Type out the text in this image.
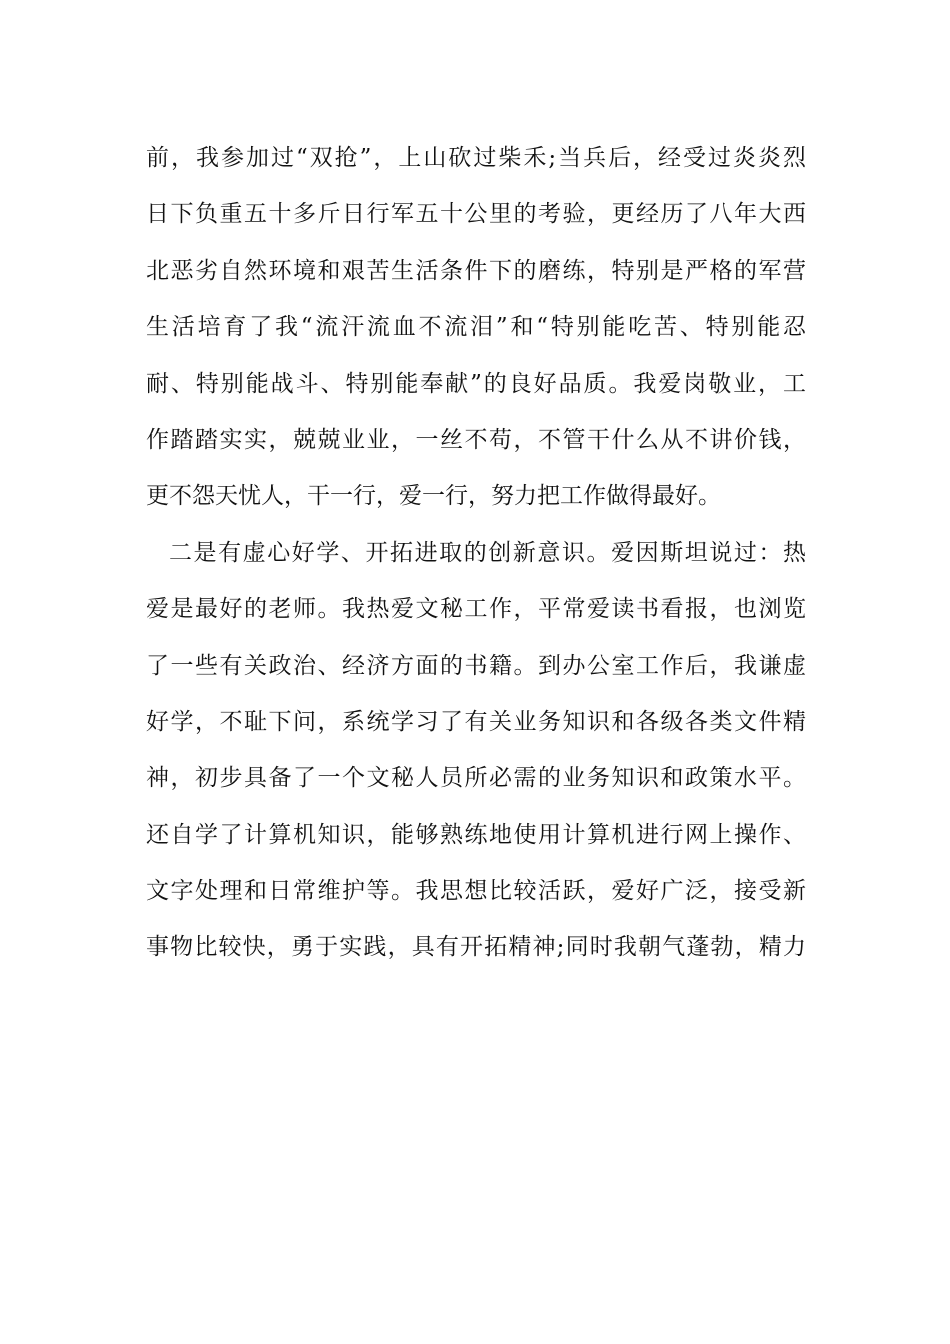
前，我参加过“双抢”，上山砍过柴禾;当兵后，经受过炎炎烈
日下负重五十多斤日行军五十公里的考验，更经历了八年大西
北恶劣自然环境和艰苦生活条件下的磨练，特别是严格的军营
生活培育了我“流汗流血不流泪”和“特别能吃苦、特别能忍
耐、特别能战斗、特别能奉献”的良好品质。我爱岗敬业，工
作踏踏实实，兢兢业业，一丝不苟，不管干什么从不讲价钱，
更不怨天忧人，干一行，爱一行，努力把工作做得最好。
二是有虚心好学、开拓进取的创新意识。爱因斯坦说过：热
爱是最好的老师。我热爱文秘工作，平常爱读书看报，也浏览
了一些有关政治、经济方面的书籍。到办公室工作后，我谦虚
好学，不耻下问，系统学习了有关业务知识和各级各类文件精
神，初步具备了一个文秘人员所必需的业务知识和政策水平。
还自学了计算机知识，能够熟练地使用计算机进行网上操作、
文字处理和日常维护等。我思想比较活跃，爱好广泛，接受新
事物比较快，勇于实践，具有开拓精神;同时我朝气蓬勃，精力
